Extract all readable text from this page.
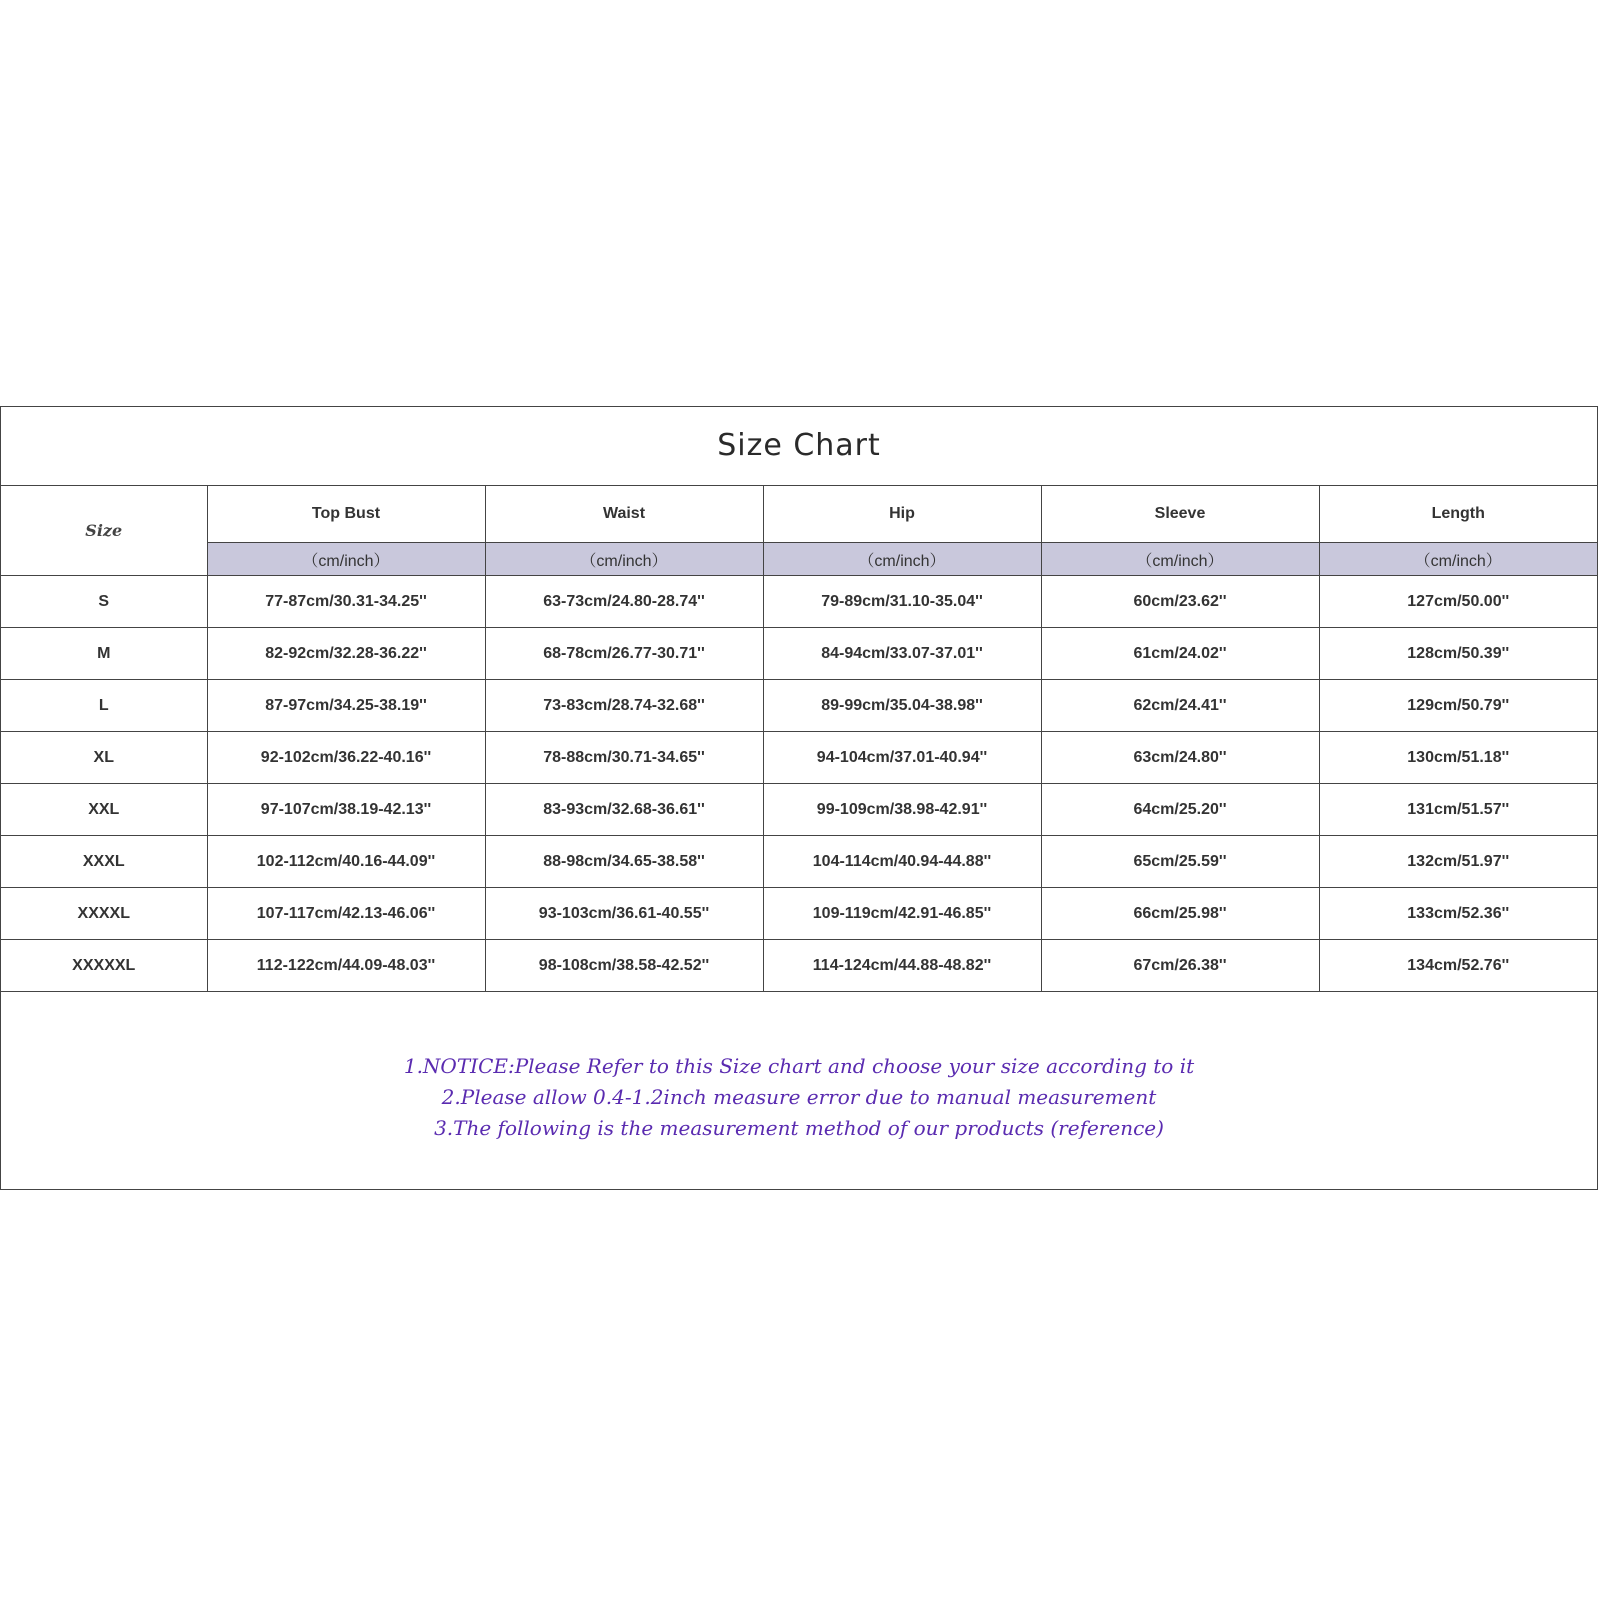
Size Chart
Size	Top Bust	Waist	Hip	Sleeve	Length
	（cm/inch）	（cm/inch）	（cm/inch）	（cm/inch）	（cm/inch）
S	77-87cm/30.31-34.25''	63-73cm/24.80-28.74''	79-89cm/31.10-35.04''	60cm/23.62''	127cm/50.00''
M	82-92cm/32.28-36.22''	68-78cm/26.77-30.71''	84-94cm/33.07-37.01''	61cm/24.02''	128cm/50.39''
L	87-97cm/34.25-38.19''	73-83cm/28.74-32.68''	89-99cm/35.04-38.98''	62cm/24.41''	129cm/50.79''
XL	92-102cm/36.22-40.16''	78-88cm/30.71-34.65''	94-104cm/37.01-40.94''	63cm/24.80''	130cm/51.18''
XXL	97-107cm/38.19-42.13''	83-93cm/32.68-36.61''	99-109cm/38.98-42.91''	64cm/25.20''	131cm/51.57''
XXXL	102-112cm/40.16-44.09''	88-98cm/34.65-38.58''	104-114cm/40.94-44.88''	65cm/25.59''	132cm/51.97''
XXXXL	107-117cm/42.13-46.06''	93-103cm/36.61-40.55''	109-119cm/42.91-46.85''	66cm/25.98''	133cm/52.36''
XXXXXL	112-122cm/44.09-48.03''	98-108cm/38.58-42.52''	114-124cm/44.88-48.82''	67cm/26.38''	134cm/52.76''
1.NOTICE:Please Refer to this Size chart and choose your size according to it
2.Please allow 0.4-1.2inch measure error due to manual measurement
3.The following is the measurement method of our products (reference)
